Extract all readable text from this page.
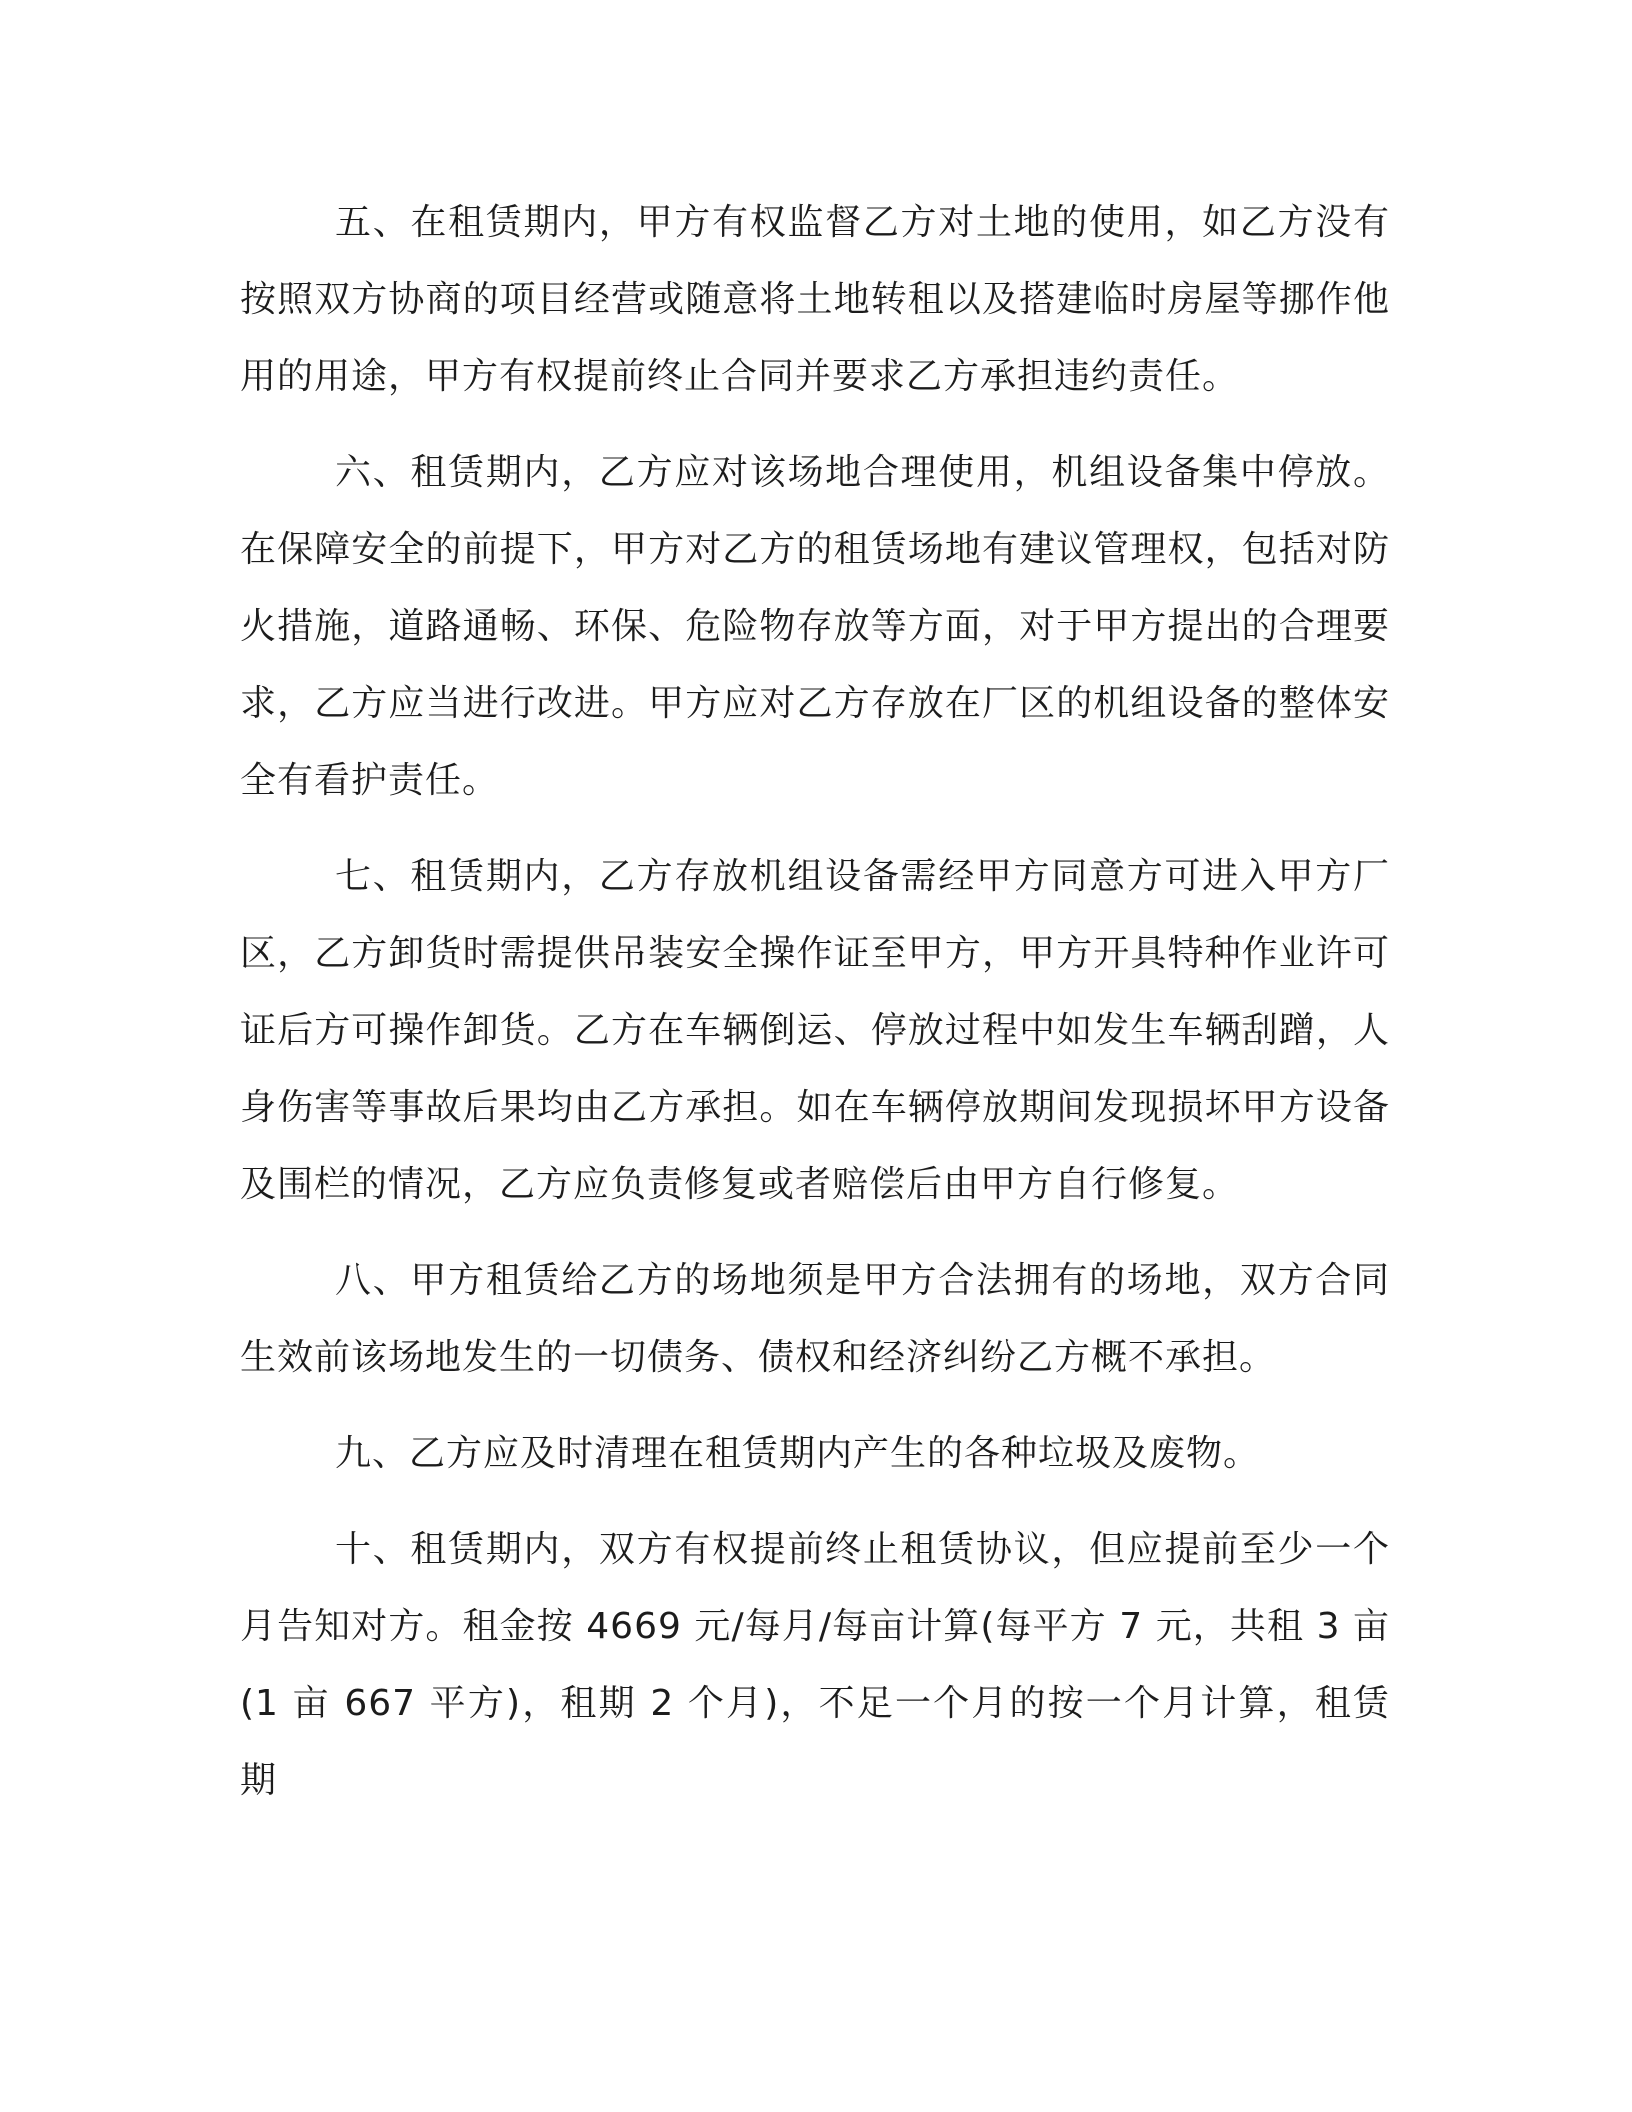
五、在租赁期内，甲方有权监督乙方对土地的使用，如乙方没有按照双方协商的项目经营或随意将土地转租以及搭建临时房屋等挪作他用的用途，甲方有权提前终止合同并要求乙方承担违约责任。

六、租赁期内，乙方应对该场地合理使用，机组设备集中停放。在保障安全的前提下，甲方对乙方的租赁场地有建议管理权，包括对防火措施，道路通畅、环保、危险物存放等方面，对于甲方提出的合理要求，乙方应当进行改进。甲方应对乙方存放在厂区的机组设备的整体安全有看护责任。

七、租赁期内，乙方存放机组设备需经甲方同意方可进入甲方厂区，乙方卸货时需提供吊装安全操作证至甲方，甲方开具特种作业许可证后方可操作卸货。乙方在车辆倒运、停放过程中如发生车辆刮蹭，人身伤害等事故后果均由乙方承担。如在车辆停放期间发现损坏甲方设备及围栏的情况，乙方应负责修复或者赔偿后由甲方自行修复。

八、甲方租赁给乙方的场地须是甲方合法拥有的场地，双方合同生效前该场地发生的一切债务、债权和经济纠纷乙方概不承担。

九、乙方应及时清理在租赁期内产生的各种垃圾及废物。

十、租赁期内，双方有权提前终止租赁协议，但应提前至少一个月告知对方。租金按 4669 元/每月/每亩计算(每平方 7 元，共租 3 亩(1 亩 667 平方)，租期 2 个月)，不足一个月的按一个月计算，租赁期
